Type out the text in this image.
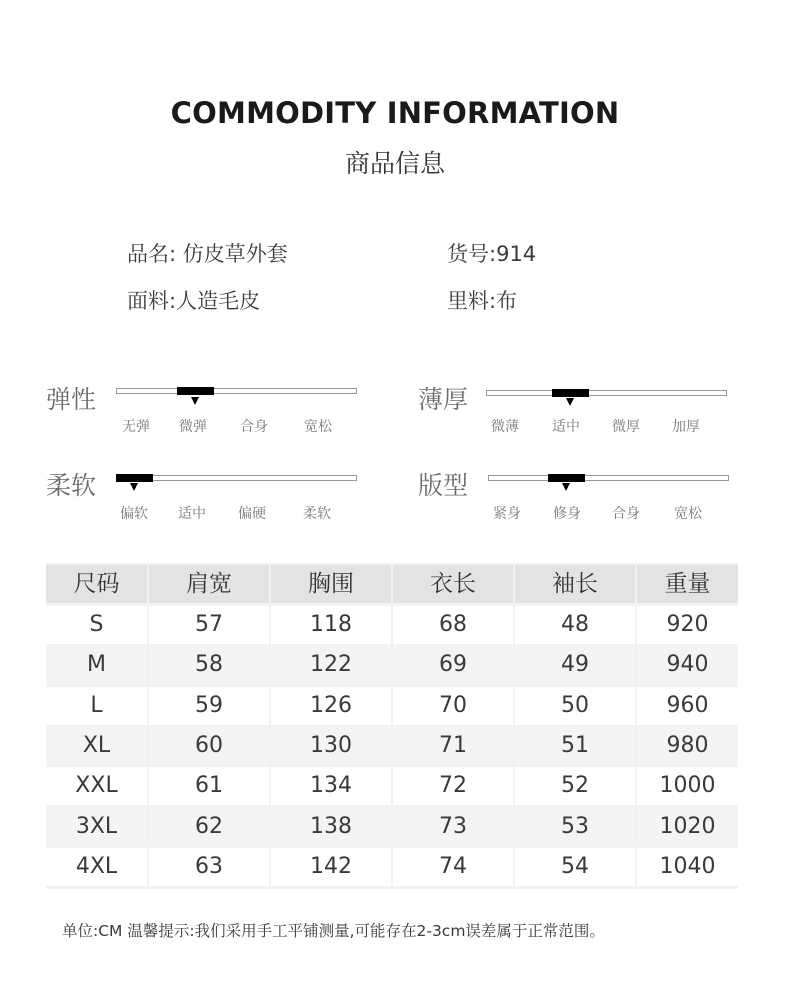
COMMODITY INFORMATION
商品信息
品名: 仿皮草外套	货号:914
面料:人造毛皮	里料:布
弹性
无弹 微弹 合身	宽松
薄厚
微薄 适中 微厚 加厚
柔软
偏软 适中 偏硬	柔软
版型
紧身 修身 合身 宽松
尺码	肩宽	胸围	衣长	袖长	重量
S	57	118	68	48	920
M	58	122	69	49	940
L	59	126	70	50	960
XL	60	130	71	51	980
XXL	61	134	72	52	1000
3XL	62	138	73	53	1020
4XL	63	142	74	54	1040
单位:CM 温馨提示:我们采用手工平铺测量,可能存在2-3cm误差属于正常范围。
